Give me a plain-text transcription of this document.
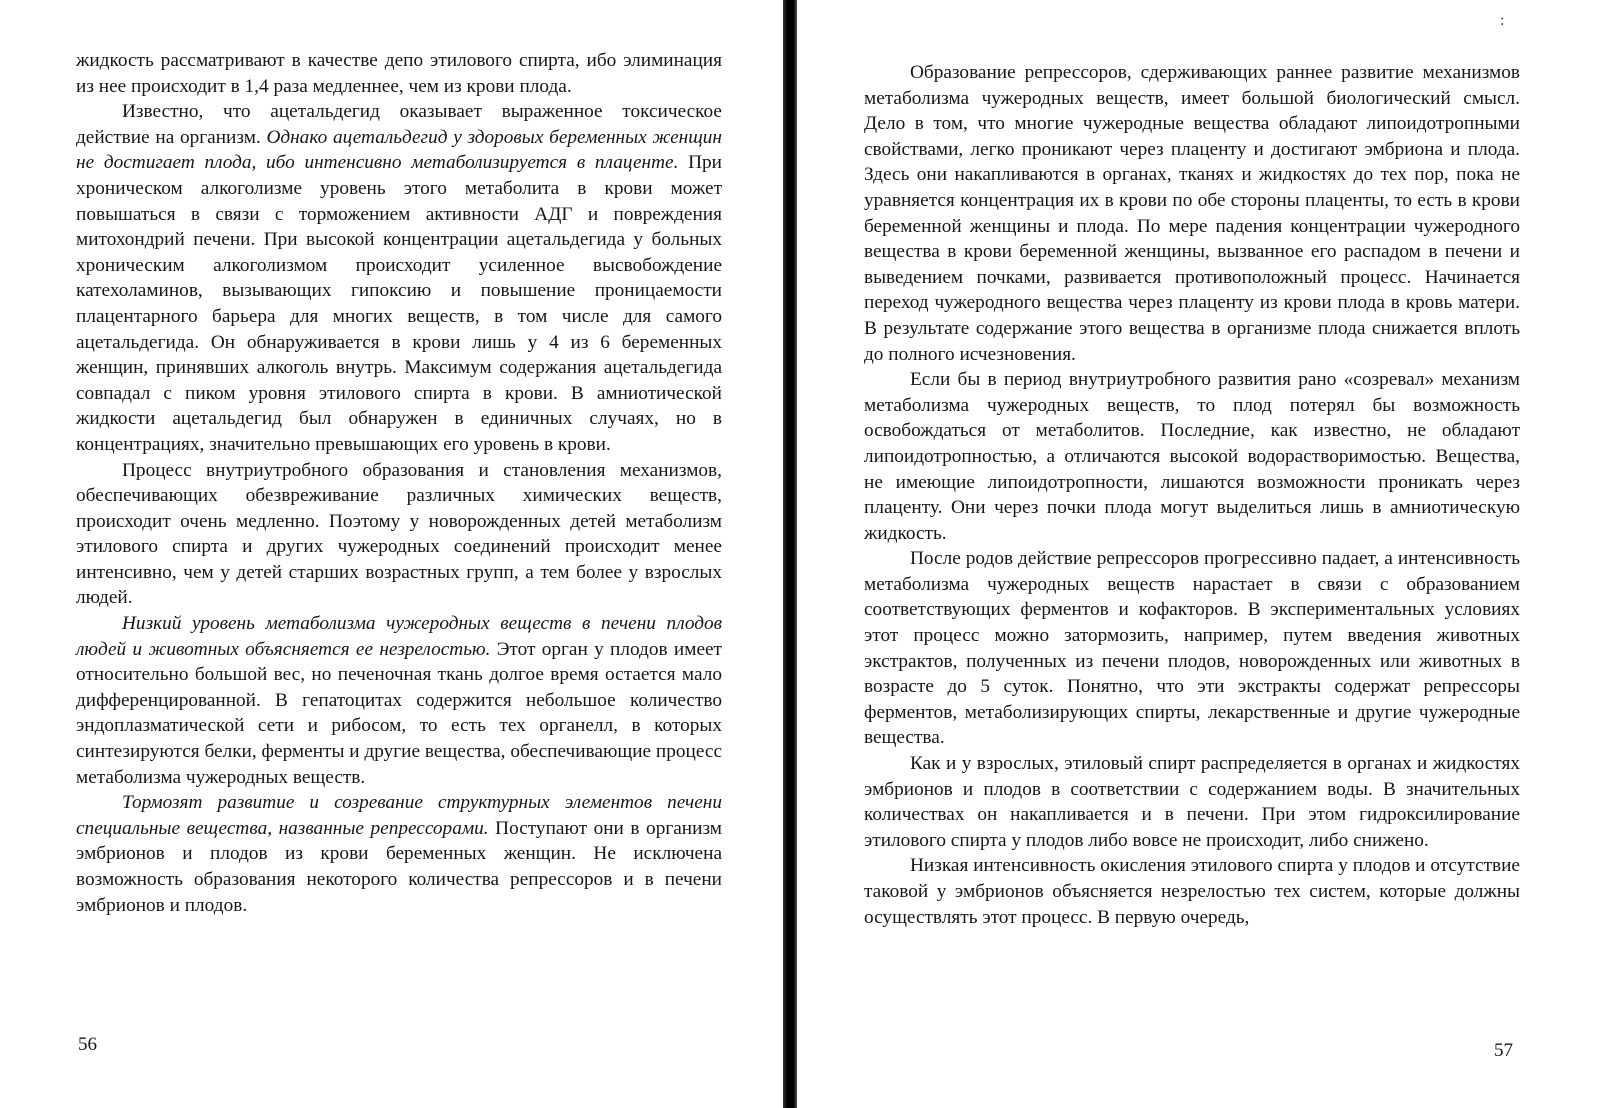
жидкость рассматривают в качестве депо этилового спирта, ибо элиминация из нее происходит в 1,4 раза медленнее, чем из крови плода.

Известно, что ацетальдегид оказывает выраженное токсическое действие на организм. Однако ацетальдегид у здоровых беременных женщин не достигает плода, ибо интенсивно метаболизируется в плаценте. При хроническом алкоголизме уровень этого метаболита в крови может повышаться в связи с торможением активности АДГ и повреждения митохондрий печени. При высокой концентрации ацетальдегида у больных хроническим алкоголизмом происходит усиленное высвобождение катехоламинов, вызывающих гипоксию и повышение проницаемости плацентарного барьера для многих веществ, в том числе для самого ацетальдегида. Он обнаруживается в крови лишь у 4 из 6 беременных женщин, принявших алкоголь внутрь. Максимум содержания ацетальдегида совпадал с пиком уровня этилового спирта в крови. В амниотической жидкости ацетальдегид был обнаружен в единичных случаях, но в концентрациях, значительно превышающих его уровень в крови.

Процесс внутриутробного образования и становления механизмов, обеспечивающих обезвреживание различных химических веществ, происходит очень медленно. Поэтому у новорожденных детей метаболизм этилового спирта и других чужеродных соединений происходит менее интенсивно, чем у детей старших возрастных групп, а тем более у взрослых людей.

Низкий уровень метаболизма чужеродных веществ в печени плодов людей и животных объясняется ее незрелостью. Этот орган у плодов имеет относительно большой вес, но печеночная ткань долгое время остается мало дифференцированной. В гепатоцитах содержится небольшое количество эндоплазматической сети и рибосом, то есть тех органелл, в которых синтезируются белки, ферменты и другие вещества, обеспечивающие процесс метаболизма чужеродных веществ.

Тормозят развитие и созревание структурных элементов печени специальные вещества, названные репрессорами. Поступают они в организм эмбрионов и плодов из крови беременных женщин. Не исключена возможность образования некоторого количества репрессоров и в печени эмбрионов и плодов.

56
:

Образование репрессоров, сдерживающих раннее развитие механизмов метаболизма чужеродных веществ, имеет большой биологический смысл. Дело в том, что многие чужеродные вещества обладают липоидотропными свойствами, легко проникают через плаценту и достигают эмбриона и плода. Здесь они накапливаются в органах, тканях и жидкостях до тех пор, пока не уравняется концентрация их в крови по обе стороны плаценты, то есть в крови беременной женщины и плода. По мере падения концентрации чужеродного вещества в крови беременной женщины, вызванное его распадом в печени и выведением почками, развивается противоположный процесс. Начинается переход чужеродного вещества через плаценту из крови плода в кровь матери. В результате содержание этого вещества в организме плода снижается вплоть до полного исчезновения.

Если бы в период внутриутробного развития рано «созревал» механизм метаболизма чужеродных веществ, то плод потерял бы возможность освобождаться от метаболитов. Последние, как известно, не обладают липоидотропностью, а отличаются высокой водорастворимостью. Вещества, не имеющие липоидотропности, лишаются возможности проникать через плаценту. Они через почки плода могут выделиться лишь в амниотическую жидкость.

После родов действие репрессоров прогрессивно падает, а интенсивность метаболизма чужеродных веществ нарастает в связи с образованием соответствующих ферментов и кофакторов. В экспериментальных условиях этот процесс можно затормозить, например, путем введения животных экстрактов, полученных из печени плодов, новорожденных или животных в возрасте до 5 суток. Понятно, что эти экстракты содержат репрессоры ферментов, метаболизирующих спирты, лекарственные и другие чужеродные вещества.

Как и у взрослых, этиловый спирт распределяется в органах и жидкостях эмбрионов и плодов в соответствии с содержанием воды. В значительных количествах он накапливается и в печени. При этом гидроксилирование этилового спирта у плодов либо вовсе не происходит, либо снижено.

Низкая интенсивность окисления этилового спирта у плодов и отсутствие таковой у эмбрионов объясняется незрелостью тех систем, которые должны осуществлять этот процесс. В первую очередь,

57
